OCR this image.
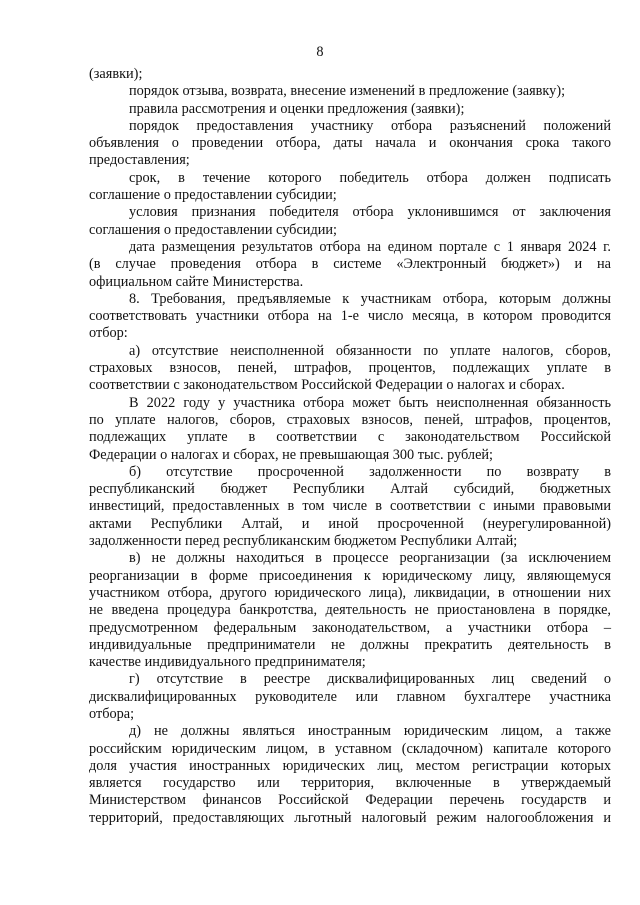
8
(заявки);
порядок отзыва, возврата, внесение изменений в предложение (заявку);
правила рассмотрения и оценки предложения (заявки);
порядок предоставления участнику отбора разъяснений положений
объявления о проведении отбора, даты начала и окончания срока такого
предоставления;
срок, в течение которого победитель отбора должен подписать
соглашение о предоставлении субсидии;
условия признания победителя отбора уклонившимся от заключения
соглашения о предоставлении субсидии;
дата размещения результатов отбора на едином портале с 1 января 2024 г.
(в случае проведения отбора в системе «Электронный бюджет») и на
официальном сайте Министерства.
8. Требования, предъявляемые к участникам отбора, которым должны
соответствовать участники отбора на 1-е число месяца, в котором проводится
отбор:
а) отсутствие неисполненной обязанности по уплате налогов, сборов,
страховых взносов, пеней, штрафов, процентов, подлежащих уплате в
соответствии с законодательством Российской Федерации о налогах и сборах.
В 2022 году у участника отбора может быть неисполненная обязанность
по уплате налогов, сборов, страховых взносов, пеней, штрафов, процентов,
подлежащих уплате в соответствии с законодательством Российской
Федерации о налогах и сборах, не превышающая 300 тыс. рублей;
б) отсутствие просроченной задолженности по возврату в
республиканский бюджет Республики Алтай субсидий, бюджетных
инвестиций, предоставленных в том числе в соответствии с иными правовыми
актами Республики Алтай, и иной просроченной (неурегулированной)
задолженности перед республиканским бюджетом Республики Алтай;
в) не должны находиться в процессе реорганизации (за исключением
реорганизации в форме присоединения к юридическому лицу, являющемуся
участником отбора, другого юридического лица), ликвидации, в отношении них
не введена процедура банкротства, деятельность не приостановлена в порядке,
предусмотренном федеральным законодательством, а участники отбора –
индивидуальные предприниматели не должны прекратить деятельность в
качестве индивидуального предпринимателя;
г) отсутствие в реестре дисквалифицированных лиц сведений о
дисквалифицированных руководителе или главном бухгалтере участника
отбора;
д) не должны являться иностранным юридическим лицом, а также
российским юридическим лицом, в уставном (складочном) капитале которого
доля участия иностранных юридических лиц, местом регистрации которых
является государство или территория, включенные в утверждаемый
Министерством финансов Российской Федерации перечень государств и
территорий, предоставляющих льготный налоговый режим налогообложения и
